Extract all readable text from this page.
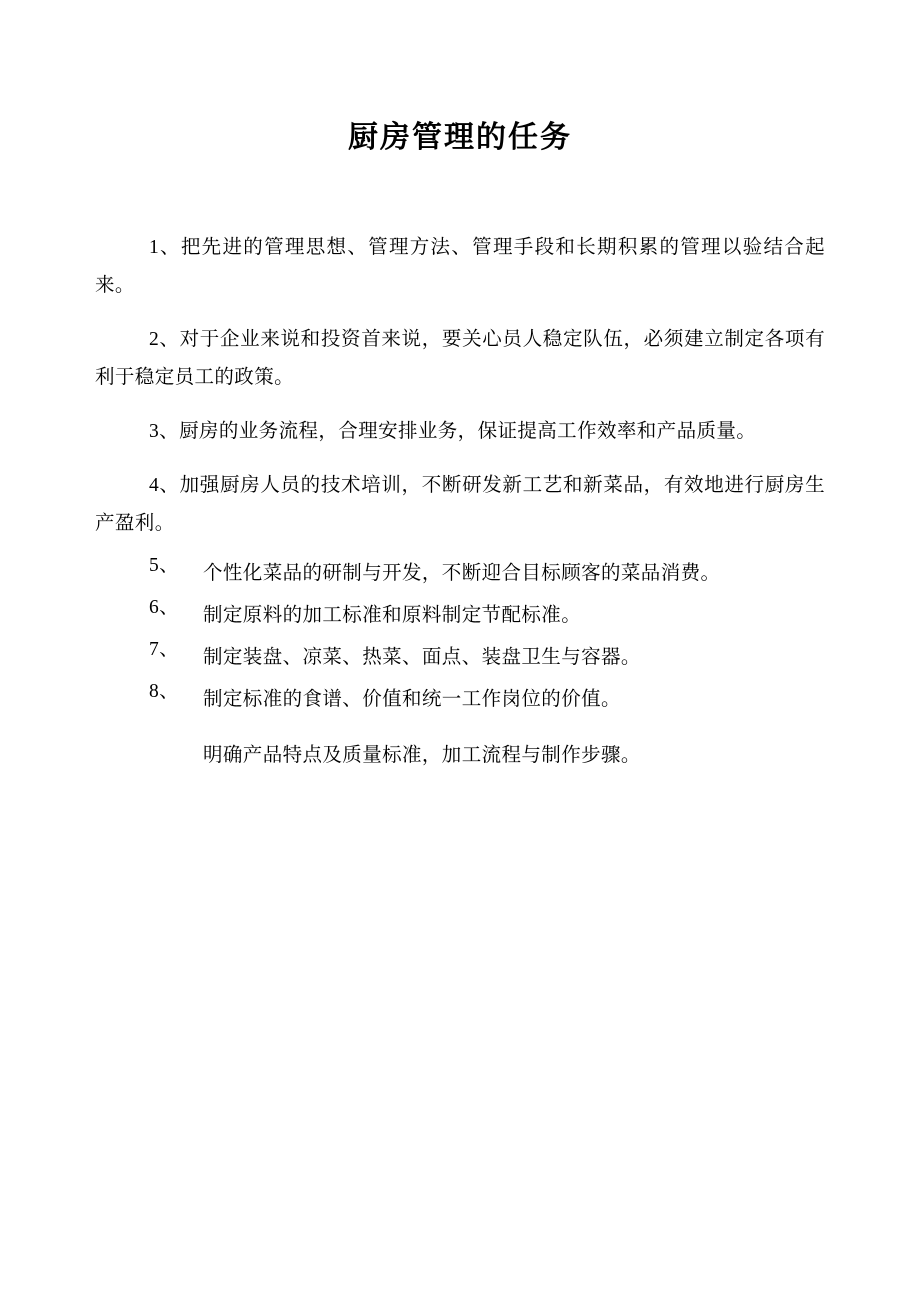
厨房管理的任务

1、把先进的管理思想、管理方法、管理手段和长期积累的管理以验结合起来。

2、对于企业来说和投资首来说，要关心员人稳定队伍，必须建立制定各项有利于稳定员工的政策。

3、厨房的业务流程，合理安排业务，保证提高工作效率和产品质量。

4、加强厨房人员的技术培训，不断研发新工艺和新菜品，有效地进行厨房生产盈利。

5、	个性化菜品的研制与开发，不断迎合目标顾客的菜品消费。

6、	制定原料的加工标准和原料制定节配标准。

7、	制定装盘、凉菜、热菜、面点、装盘卫生与容器。

8、	制定标准的食谱、价值和统一工作岗位的价值。

明确产品特点及质量标准，加工流程与制作步骤。
